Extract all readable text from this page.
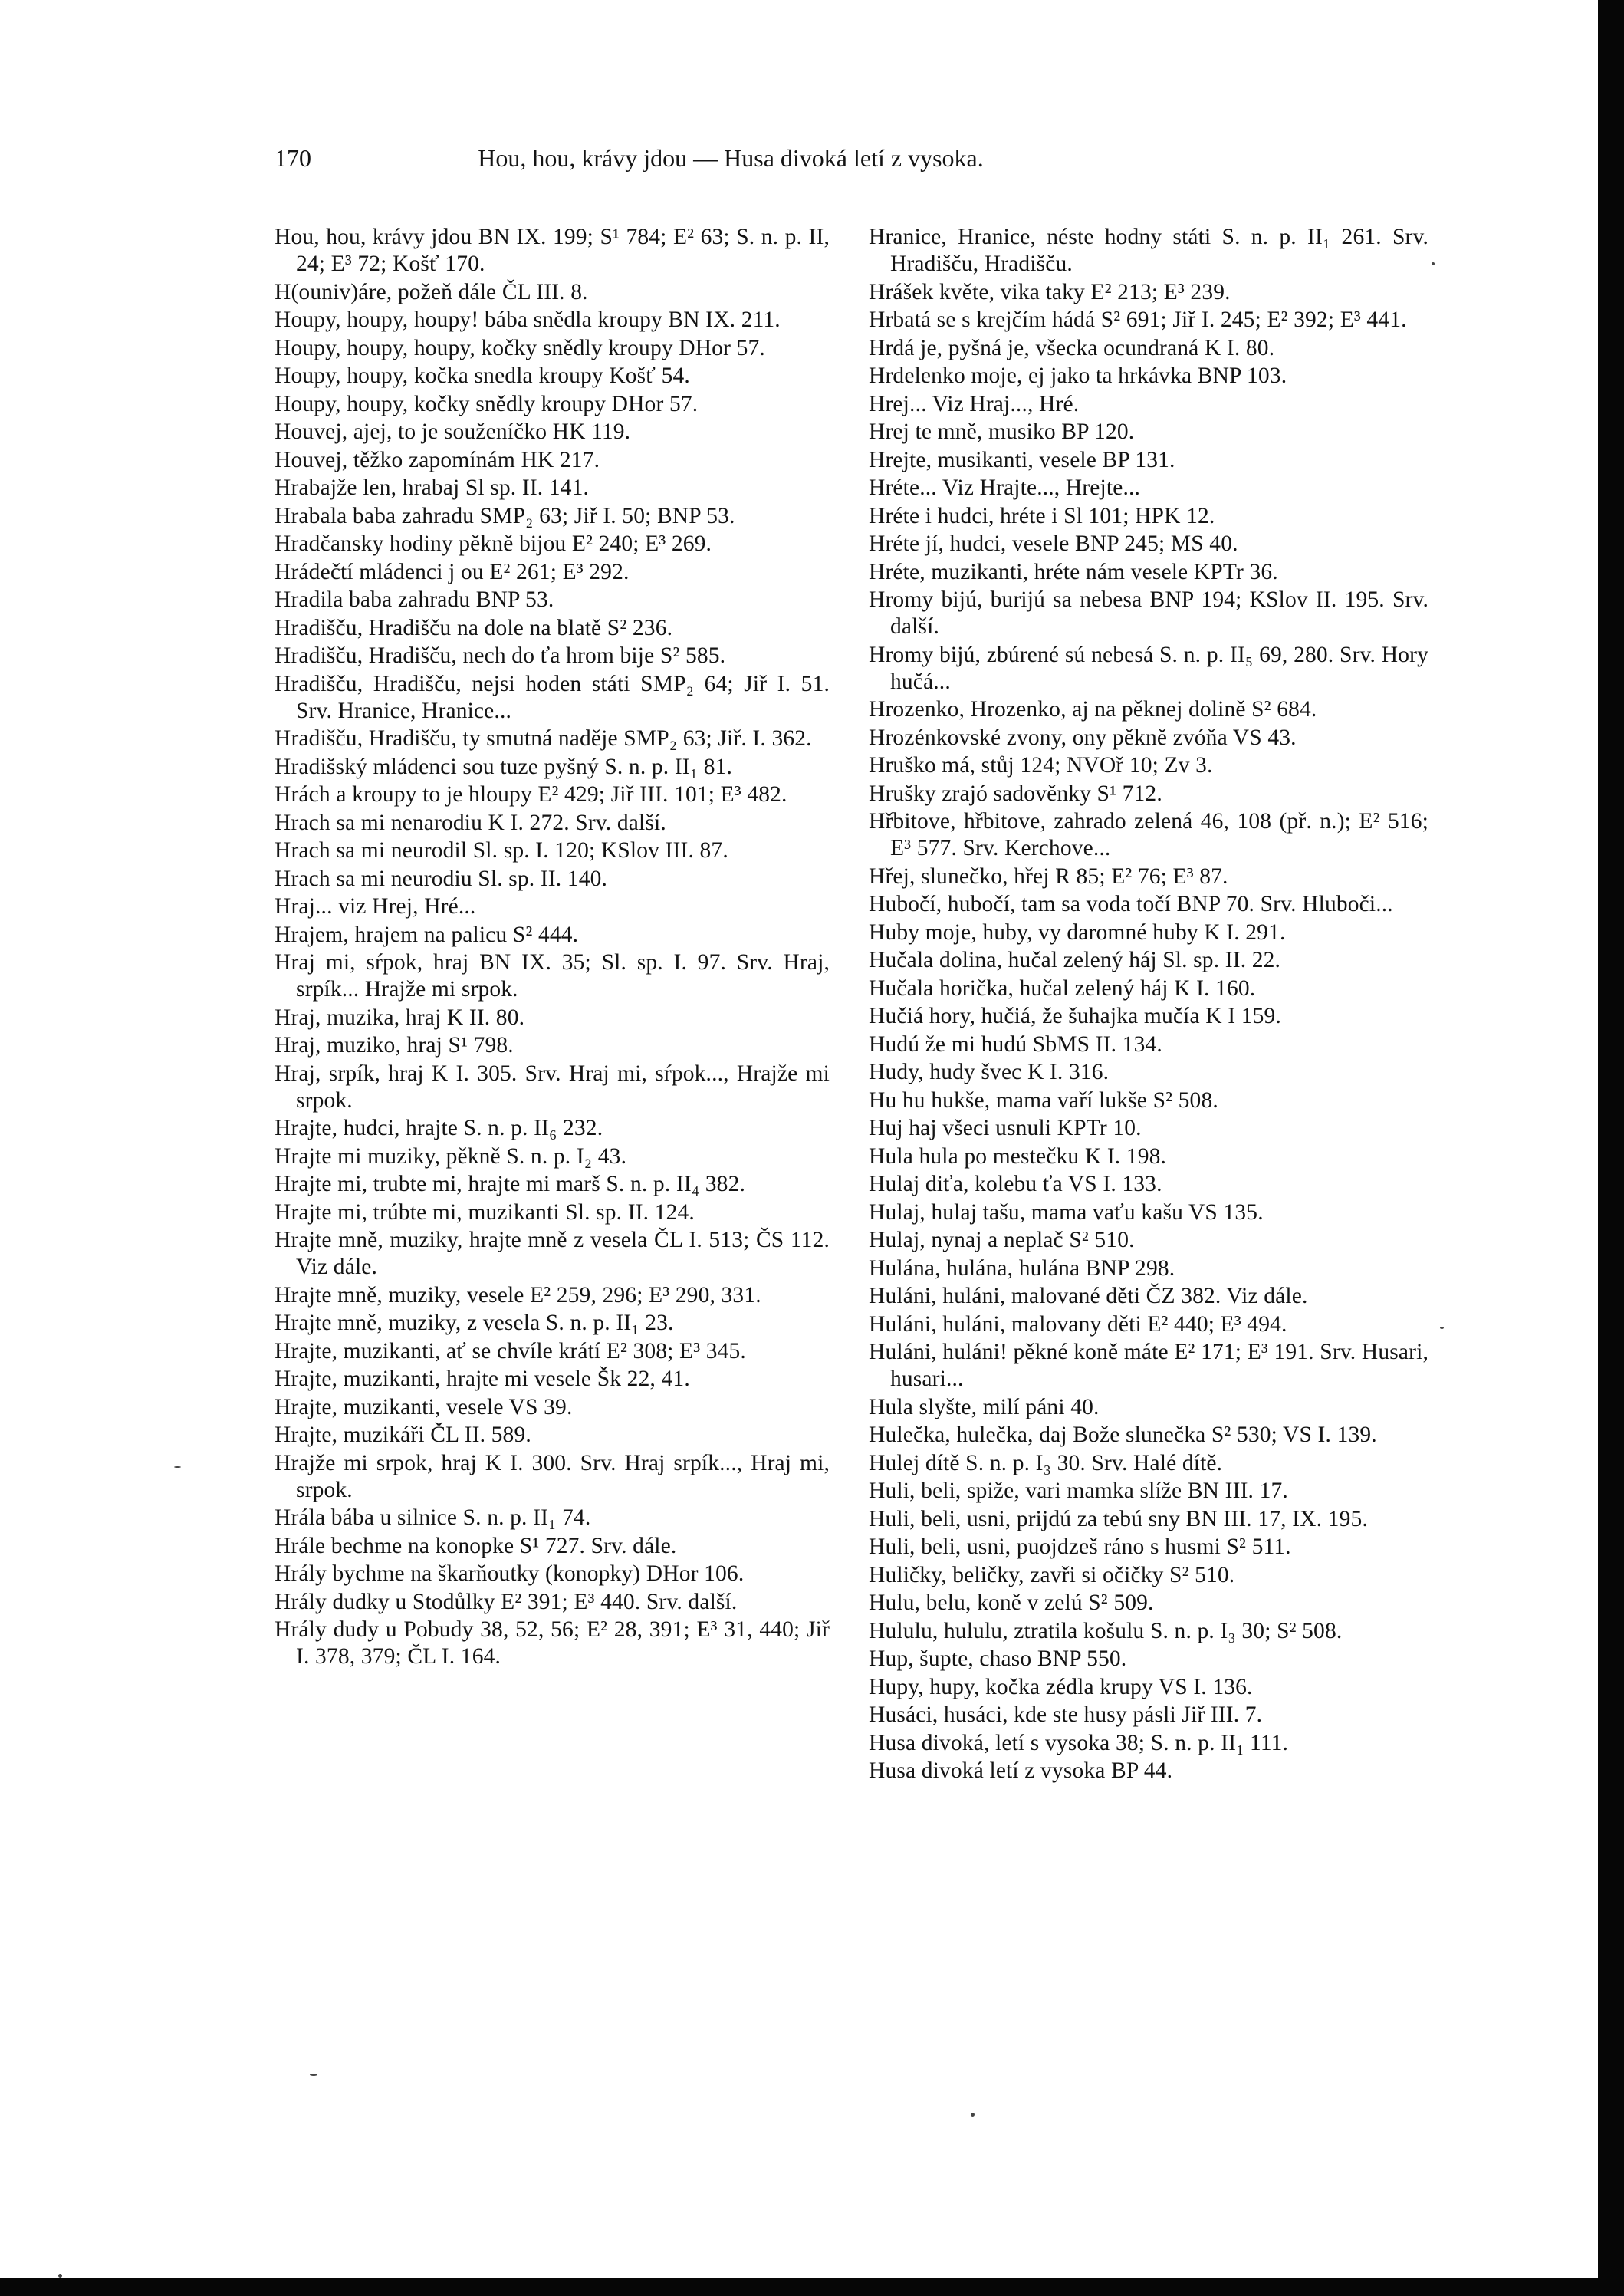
170	Hou, hou, krávy jdou — Husa divoká letí z vysoka.
Hou, hou, krávy jdou BN IX. 199; S¹ 784; E² 63; S. n. p. II, 24; E³ 72; Košť 170.
H(ouniv)áre, požeň dále ČL III. 8.
Houpy, houpy, houpy! bába snědla kroupy BN IX. 211.
Houpy, houpy, houpy, kočky snědly kroupy DHor 57.
Houpy, houpy, kočka snedla kroupy Košť 54.
Houpy, houpy, kočky snědly kroupy DHor 57.
Houvej, ajej, to je souženíčko HK 119.
Houvej, těžko zapomínám HK 217.
Hrabajže len, hrabaj Sl sp. II. 141.
Hrabala baba zahradu SMP₂ 63; Jiř I. 50; BNP 53.
Hradčansky hodiny pěkně bijou E² 240; E³ 269.
Hrádečtí mládenci j ou E² 261; E³ 292.
Hradila baba zahradu BNP 53.
Hradišču, Hradišču na dole na blatě S² 236.
Hradišču, Hradišču, nech do ťa hrom bije S² 585.
Hradišču, Hradišču, nejsi hoden státi SMP₂ 64; Jiř I. 51. Srv. Hranice, Hranice...
Hradišču, Hradišču, ty smutná naděje SMP₂ 63; Jiř. I. 362.
Hradišský mládenci sou tuze pyšný S. n. p. II₁ 81.
Hrách a kroupy to je hloupy E² 429; Jiř III. 101; E³ 482.
Hrach sa mi nenarodiu K I. 272. Srv. další.
Hrach sa mi neurodil Sl. sp. I. 120; KSlov III. 87.
Hrach sa mi neurodiu Sl. sp. II. 140.
Hraj... viz Hrej, Hré...
Hrajem, hrajem na palicu S² 444.
Hraj mi, sŕpok, hraj BN IX. 35; Sl. sp. I. 97. Srv. Hraj, srpík... Hrajže mi srpok.
Hraj, muzika, hraj K II. 80.
Hraj, muziko, hraj S¹ 798.
Hraj, srpík, hraj K I. 305. Srv. Hraj mi, sŕpok..., Hrajže mi srpok.
Hrajte, hudci, hrajte S. n. p. II₆ 232.
Hrajte mi muziky, pěkně S. n. p. I₂ 43.
Hrajte mi, trubte mi, hrajte mi marš S. n. p. II₄ 382.
Hrajte mi, trúbte mi, muzikanti Sl. sp. II. 124.
Hrajte mně, muziky, hrajte mně z vesela ČL I. 513; ČS 112. Viz dále.
Hrajte mně, muziky, vesele E² 259, 296; E³ 290, 331.
Hrajte mně, muziky, z vesela S. n. p. II₁ 23.
Hrajte, muzikanti, ať se chvíle krátí E² 308; E³ 345.
Hrajte, muzikanti, hrajte mi vesele Šk 22, 41.
Hrajte, muzikanti, vesele VS 39.
Hrajte, muzikáři ČL II. 589.
Hrajže mi srpok, hraj K I. 300. Srv. Hraj srpík..., Hraj mi, srpok.
Hrála bába u silnice S. n. p. II₁ 74.
Hrále bechme na konopke S¹ 727. Srv. dále.
Hrály bychme na škarňoutky (konopky) DHor 106.
Hrály dudky u Stodůlky E² 391; E³ 440. Srv. další.
Hrály dudy u Pobudy 38, 52, 56; E² 28, 391; E³ 31, 440; Jiř I. 378, 379; ČL I. 164.
Hranice, Hranice, néste hodny státi S. n. p. II₁ 261. Srv. Hradišču, Hradišču.
Hrášek květe, vika taky E² 213; E³ 239.
Hrbatá se s krejčím hádá S² 691; Jiř I. 245; E² 392; E³ 441.
Hrdá je, pyšná je, všecka ocundraná K I. 80.
Hrdelenko moje, ej jako ta hrkávka BNP 103.
Hrej... Viz Hraj..., Hré.
Hrej te mně, musiko BP 120.
Hrejte, musikanti, vesele BP 131.
Hréte... Viz Hrajte..., Hrejte...
Hréte i hudci, hréte i Sl 101; HPK 12.
Hréte jí, hudci, vesele BNP 245; MS 40.
Hréte, muzikanti, hréte nám vesele KPTr 36.
Hromy bijú, burijú sa nebesa BNP 194; KSlov II. 195. Srv. další.
Hromy bijú, zbúrené sú nebesá S. n. p. II₅ 69, 280. Srv. Hory hučá...
Hrozenko, Hrozenko, aj na pěknej dolině S² 684.
Hrozénkovské zvony, ony pěkně zvóňa VS 43.
Hruško má, stůj 124; NVOř 10; Zv 3.
Hrušky zrajó sadověnky S¹ 712.
Hřbitove, hřbitove, zahrado zelená 46, 108 (př. n.); E² 516; E³ 577. Srv. Kerchove...
Hřej, slunečko, hřej R 85; E² 76; E³ 87.
Hubočí, hubočí, tam sa voda točí BNP 70. Srv. Hluboči...
Huby moje, huby, vy daromné huby K I. 291.
Hučala dolina, hučal zelený háj Sl. sp. II. 22.
Hučala horička, hučal zelený háj K I. 160.
Hučiá hory, hučiá, že šuhajka mučía K I 159.
Hudú že mi hudú SbMS II. 134.
Hudy, hudy švec K I. 316.
Hu hu hukše, mama vaří lukše S² 508.
Huj haj všeci usnuli KPTr 10.
Hula hula po mestečku K I. 198.
Hulaj diťa, kolebu ťa VS I. 133.
Hulaj, hulaj tašu, mama vaťu kašu VS 135.
Hulaj, nynaj a neplač S² 510.
Hulána, hulána, hulána BNP 298.
Huláni, huláni, malované děti ČZ 382. Viz dále.
Huláni, huláni, malovany děti E² 440; E³ 494.
Huláni, huláni! pěkné koně máte E² 171; E³ 191. Srv. Husari, husari...
Hula slyšte, milí páni 40.
Hulečka, hulečka, daj Bože slunečka S² 530; VS I. 139.
Hulej dítě S. n. p. I₃ 30. Srv. Halé dítě.
Huli, beli, spiže, vari mamka slíže BN III. 17.
Huli, beli, usni, prijdú za tebú sny BN III. 17, IX. 195.
Huli, beli, usni, puojdzeš ráno s husmi S² 511.
Huličky, beličky, zavři si očičky S² 510.
Hulu, belu, koně v zelú S² 509.
Hululu, hululu, ztratila košulu S. n. p. I₃ 30; S² 508.
Hup, šupte, chaso BNP 550.
Hupy, hupy, kočka zédla krupy VS I. 136.
Husáci, husáci, kde ste husy pásli Jiř III. 7.
Husa divoká, letí s vysoka 38; S. n. p. II₁ 111.
Husa divoká letí z vysoka BP 44.
